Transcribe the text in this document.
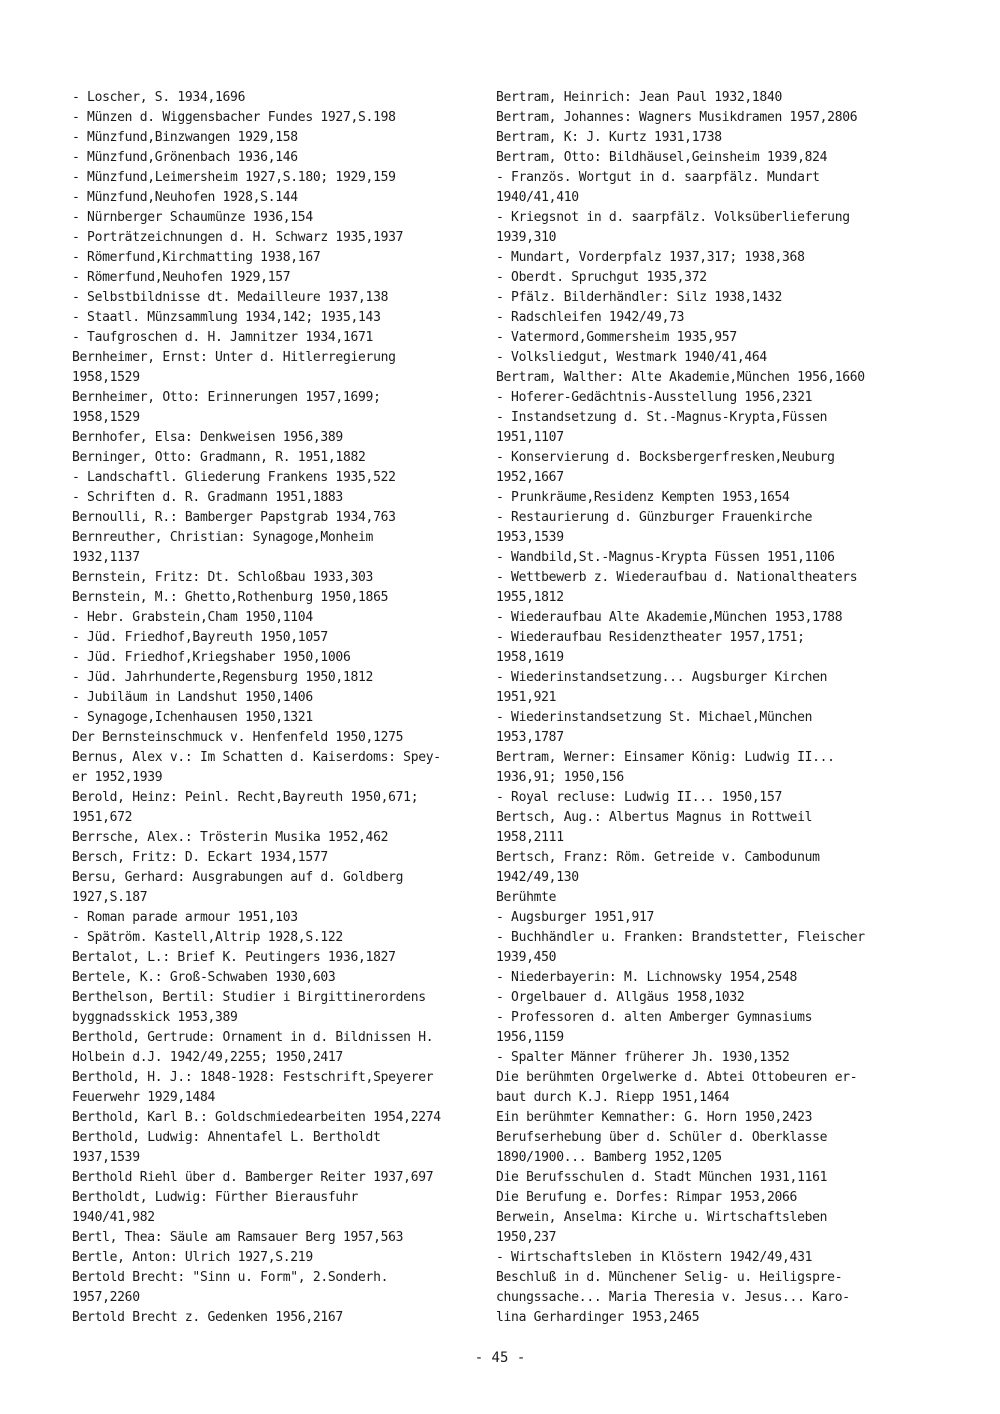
- Loscher, S. 1934,1696
- Münzen d. Wiggensbacher Fundes 1927,S.198
- Münzfund,Binzwangen 1929,158
- Münzfund,Grönenbach 1936,146
- Münzfund,Leimersheim 1927,S.180; 1929,159
- Münzfund,Neuhofen 1928,S.144
- Nürnberger Schaumünze 1936,154
- Porträtzeichnungen d. H. Schwarz 1935,1937
- Römerfund,Kirchmatting 1938,167
- Römerfund,Neuhofen 1929,157
- Selbstbildnisse dt. Medailleure 1937,138
- Staatl. Münzsammlung 1934,142; 1935,143
- Taufgroschen d. H. Jamnitzer 1934,1671
Bernheimer, Ernst: Unter d. Hitlerregierung
1958,1529
Bernheimer, Otto: Erinnerungen 1957,1699;
1958,1529
Bernhofer, Elsa: Denkweisen 1956,389
Berninger, Otto: Gradmann, R. 1951,1882
- Landschaftl. Gliederung Frankens 1935,522
- Schriften d. R. Gradmann 1951,1883
Bernoulli, R.: Bamberger Papstgrab 1934,763
Bernreuther, Christian: Synagoge,Monheim
1932,1137
Bernstein, Fritz: Dt. Schloßbau 1933,303
Bernstein, M.: Ghetto,Rothenburg 1950,1865
- Hebr. Grabstein,Cham 1950,1104
- Jüd. Friedhof,Bayreuth 1950,1057
- Jüd. Friedhof,Kriegshaber 1950,1006
- Jüd. Jahrhunderte,Regensburg 1950,1812
- Jubiläum in Landshut 1950,1406
- Synagoge,Ichenhausen 1950,1321
Der Bernsteinschmuck v. Henfenfeld 1950,1275
Bernus, Alex v.: Im Schatten d. Kaiserdoms: Spey-
er 1952,1939
Berold, Heinz: Peinl. Recht,Bayreuth 1950,671;
1951,672
Berrsche, Alex.: Trösterin Musika 1952,462
Bersch, Fritz: D. Eckart 1934,1577
Bersu, Gerhard: Ausgrabungen auf d. Goldberg
1927,S.187
- Roman parade armour 1951,103
- Spätröm. Kastell,Altrip 1928,S.122
Bertalot, L.: Brief K. Peutingers 1936,1827
Bertele, K.: Groß-Schwaben 1930,603
Berthelson, Bertil: Studier i Birgittinerordens
byggnadsskick 1953,389
Berthold, Gertrude: Ornament in d. Bildnissen H.
Holbein d.J. 1942/49,2255; 1950,2417
Berthold, H. J.: 1848-1928: Festschrift,Speyerer
Feuerwehr 1929,1484
Berthold, Karl B.: Goldschmiedearbeiten 1954,2274
Berthold, Ludwig: Ahnentafel L. Bertholdt
1937,1539
Berthold Riehl über d. Bamberger Reiter 1937,697
Bertholdt, Ludwig: Fürther Bierausfuhr
1940/41,982
Bertl, Thea: Säule am Ramsauer Berg 1957,563
Bertle, Anton: Ulrich 1927,S.219
Bertold Brecht: "Sinn u. Form", 2.Sonderh.
1957,2260
Bertold Brecht z. Gedenken 1956,2167
Bertram, Heinrich: Jean Paul 1932,1840
Bertram, Johannes: Wagners Musikdramen 1957,2806
Bertram, K: J. Kurtz 1931,1738
Bertram, Otto: Bildhäusel,Geinsheim 1939,824
- Französ. Wortgut in d. saarpfälz. Mundart
1940/41,410
- Kriegsnot in d. saarpfälz. Volksüberlieferung
1939,310
- Mundart, Vorderpfalz 1937,317; 1938,368
- Oberdt. Spruchgut 1935,372
- Pfälz. Bilderhändler: Silz 1938,1432
- Radschleifen 1942/49,73
- Vatermord,Gommersheim 1935,957
- Volksliedgut, Westmark 1940/41,464
Bertram, Walther: Alte Akademie,München 1956,1660
- Hoferer-Gedächtnis-Ausstellung 1956,2321
- Instandsetzung d. St.-Magnus-Krypta,Füssen
1951,1107
- Konservierung d. Bocksbergerfresken,Neuburg
1952,1667
- Prunkräume,Residenz Kempten 1953,1654
- Restaurierung d. Günzburger Frauenkirche
1953,1539
- Wandbild,St.-Magnus-Krypta Füssen 1951,1106
- Wettbewerb z. Wiederaufbau d. Nationaltheaters
1955,1812
- Wiederaufbau Alte Akademie,München 1953,1788
- Wiederaufbau Residenztheater 1957,1751;
1958,1619
- Wiederinstandsetzung... Augsburger Kirchen
1951,921
- Wiederinstandsetzung St. Michael,München
1953,1787
Bertram, Werner: Einsamer König: Ludwig II...
1936,91; 1950,156
- Royal recluse: Ludwig II... 1950,157
Bertsch, Aug.: Albertus Magnus in Rottweil
1958,2111
Bertsch, Franz: Röm. Getreide v. Cambodunum
1942/49,130
Berühmte
- Augsburger 1951,917
- Buchhändler u. Franken: Brandstetter, Fleischer
1939,450
- Niederbayerin: M. Lichnowsky 1954,2548
- Orgelbauer d. Allgäus 1958,1032
- Professoren d. alten Amberger Gymnasiums
1956,1159
- Spalter Männer früherer Jh. 1930,1352
Die berühmten Orgelwerke d. Abtei Ottobeuren er-
baut durch K.J. Riepp 1951,1464
Ein berühmter Kemnather: G. Horn 1950,2423
Berufserhebung über d. Schüler d. Oberklasse
1890/1900... Bamberg 1952,1205
Die Berufsschulen d. Stadt München 1931,1161
Die Berufung e. Dorfes: Rimpar 1953,2066
Berwein, Anselma: Kirche u. Wirtschaftsleben
1950,237
- Wirtschaftsleben in Klöstern 1942/49,431
Beschluß in d. Münchener Selig- u. Heiligspre-
chungssache... Maria Theresia v. Jesus... Karo-
lina Gerhardinger 1953,2465
- 45 -
